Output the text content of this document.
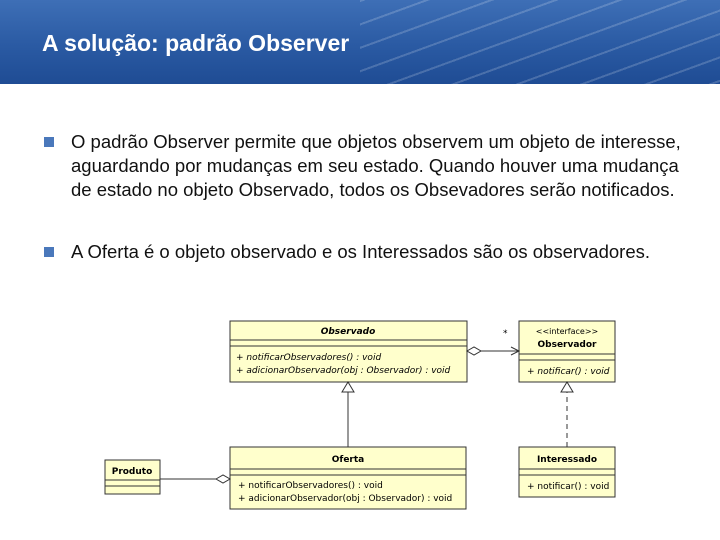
A solução: padrão Observer
O padrão Observer permite que objetos observem um objeto de interesse, aguardando por mudanças em seu estado. Quando houver uma mudança de estado no objeto Observado, todos os Obsevadores serão notificados.
A Oferta é o objeto observado e os Interessados são os observadores.
Observado
+ notificarObservadores() : void
+ adicionarObservador(obj : Observador) : void
<<interface>>
Observador
+ notificar() : void
Oferta
+ notificarObservadores() : void
+ adicionarObservador(obj : Observador) : void
Interessado
+ notificar() : void
Produto
*
